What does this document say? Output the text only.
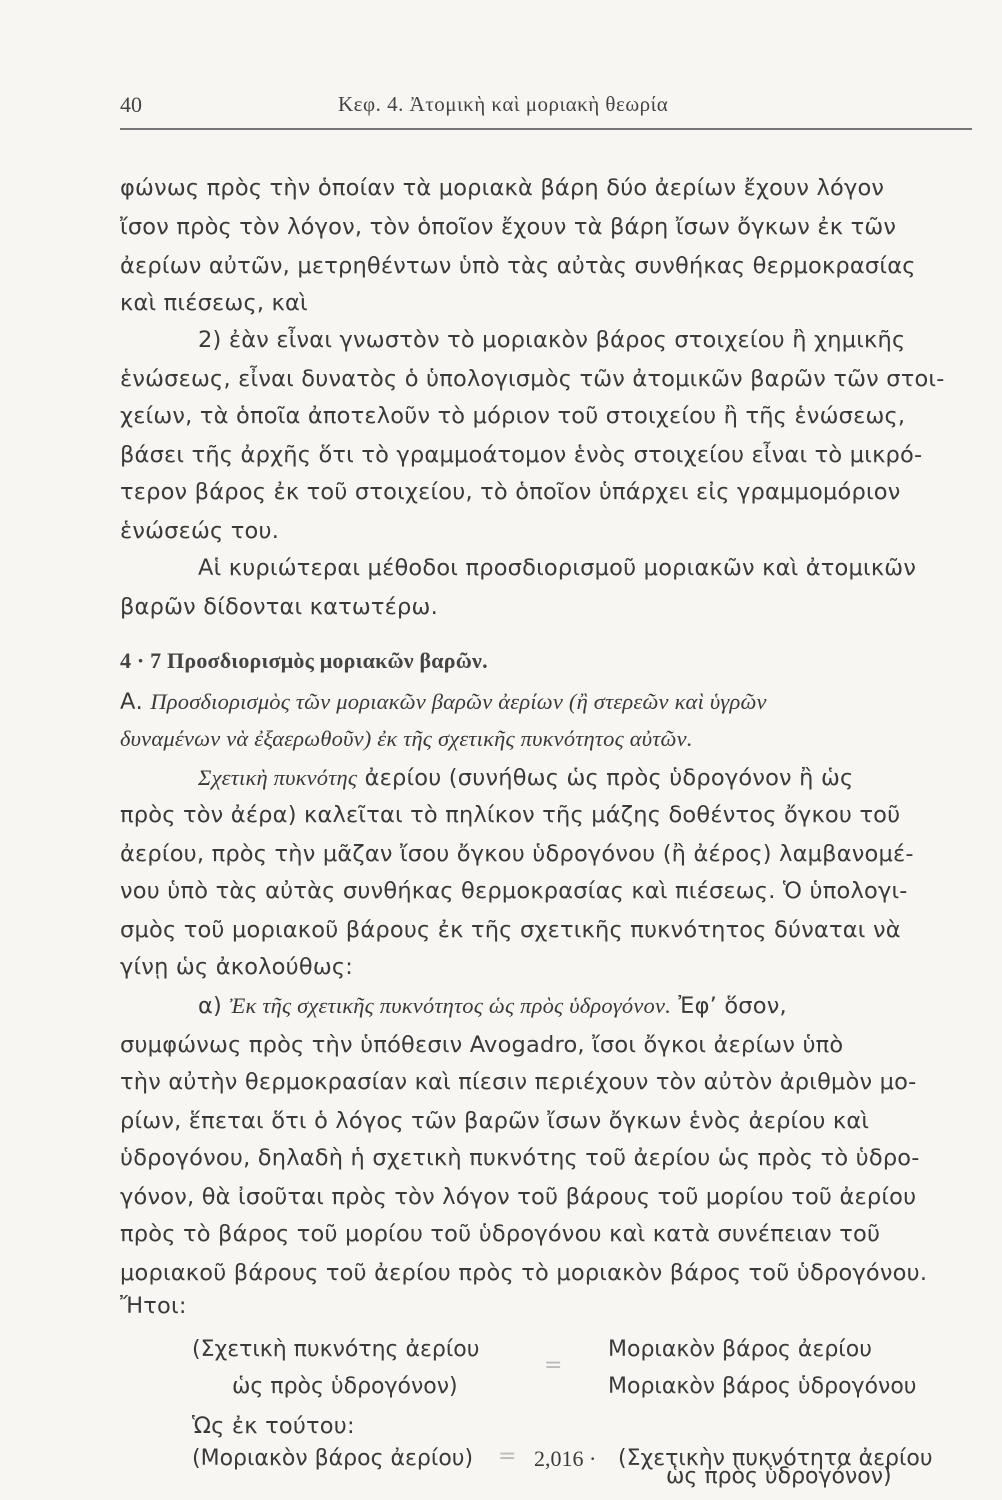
40	Κεφ. 4. Ἀτομικὴ καὶ μοριακὴ θεωρία
φώνως πρὸς τὴν ὁποίαν τὰ μοριακὰ βάρη δύο ἀερίων ἔχουν λόγον
ἴσον πρὸς τὸν λόγον, τὸν ὁποῖον ἔχουν τὰ βάρη ἴσων ὄγκων ἐκ τῶν
ἀερίων αὐτῶν, μετρηθέντων ὑπὸ τὰς αὐτὰς συνθήκας θερμοκρασίας
καὶ πιέσεως, καὶ
2) ἐὰν εἶναι γνωστὸν τὸ μοριακὸν βάρος στοιχείου ἢ χημικῆς
ἑνώσεως, εἶναι δυνατὸς ὁ ὑπολογισμὸς τῶν ἀτομικῶν βαρῶν τῶν στοι-
χείων, τὰ ὁποῖα ἀποτελοῦν τὸ μόριον τοῦ στοιχείου ἢ τῆς ἑνώσεως,
βάσει τῆς ἀρχῆς ὅτι τὸ γραμμοάτομον ἑνὸς στοιχείου εἶναι τὸ μικρό-
τερον βάρος ἐκ τοῦ στοιχείου, τὸ ὁποῖον ὑπάρχει εἰς γραμμομόριον
ἑνώσεώς του.
Αἱ κυριώτεραι μέθοδοι προσδιορισμοῦ μοριακῶν καὶ ἀτομικῶν
βαρῶν δίδονται κατωτέρω.
4 · 7 Προσδιορισμὸς μοριακῶν βαρῶν.
Α. Προσδιορισμὸς τῶν μοριακῶν βαρῶν ἀερίων (ἢ στερεῶν καὶ ὑγρῶν
δυναμένων νὰ ἐξαερωθοῦν) ἐκ τῆς σχετικῆς πυκνότητος αὐτῶν.
Σχετικὴ πυκνότης ἀερίου (συνήθως ὡς πρὸς ὑδρογόνον ἢ ὡς
πρὸς τὸν ἀέρα) καλεῖται τὸ πηλίκον τῆς μάζης δοθέντος ὄγκου τοῦ
ἀερίου, πρὸς τὴν μᾶζαν ἴσου ὄγκου ὑδρογόνου (ἢ ἀέρος) λαμβανομέ-
νου ὑπὸ τὰς αὐτὰς συνθήκας θερμοκρασίας καὶ πιέσεως. Ὁ ὑπολογι-
σμὸς τοῦ μοριακοῦ βάρους ἐκ τῆς σχετικῆς πυκνότητος δύναται νὰ
γίνῃ ὡς ἀκολούθως:
α) Ἐκ τῆς σχετικῆς πυκνότητος ὡς πρὸς ὑδρογόνον. Ἐφ’ ὅσον,
συμφώνως πρὸς τὴν ὑπόθεσιν Avogadro, ἴσοι ὄγκοι ἀερίων ὑπὸ
τὴν αὐτὴν θερμοκρασίαν καὶ πίεσιν περιέχουν τὸν αὐτὸν ἀριθμὸν μο-
ρίων, ἕπεται ὅτι ὁ λόγος τῶν βαρῶν ἴσων ὄγκων ἑνὸς ἀερίου καὶ
ὑδρογόνου, δηλαδὴ ἡ σχετικὴ πυκνότης τοῦ ἀερίου ὡς πρὸς τὸ ὑδρο-
γόνον, θὰ ἰσοῦται πρὸς τὸν λόγον τοῦ βάρους τοῦ μορίου τοῦ ἀερίου
πρὸς τὸ βάρος τοῦ μορίου τοῦ ὑδρογόνου καὶ κατὰ συνέπειαν τοῦ
μοριακοῦ βάρους τοῦ ἀερίου πρὸς τὸ μοριακὸν βάρος τοῦ ὑδρογόνου.
Ἤτοι:
(Σχετικὴ πυκνότης ἀερίου
ὡς πρὸς ὑδρογόνον)
=
Μοριακὸν βάρος ἀερίου
Μοριακὸν βάρος ὑδρογόνου
Ὡς ἐκ τούτου:
(Μοριακὸν βάρος ἀερίου) = 2,016 · (Σχετικὴν πυκνότητα ἀερίου
ὡς πρὸς ὑδρογόνον)
